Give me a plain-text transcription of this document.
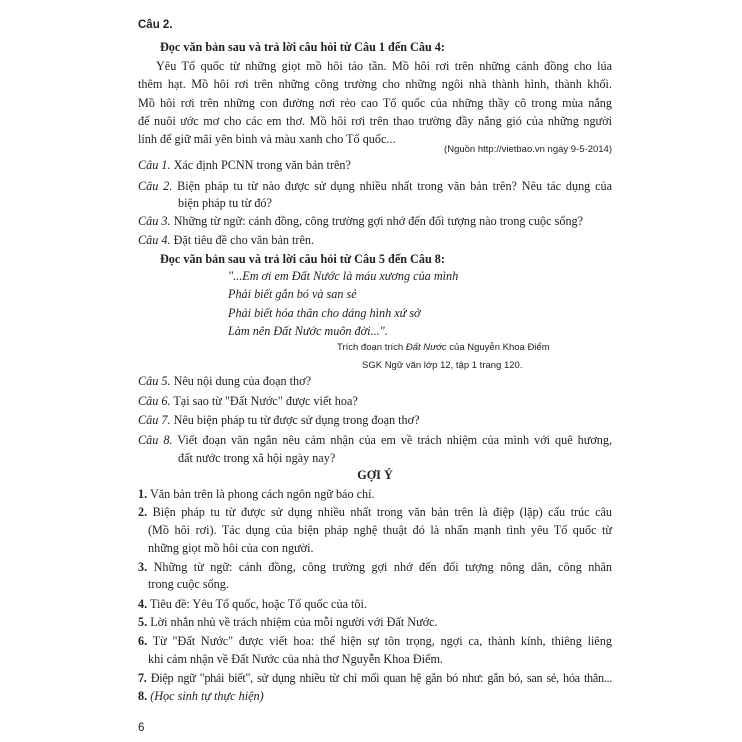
Câu 2.
Đọc văn bản sau và trả lời câu hỏi từ Câu 1 đến Câu 4:
Yêu Tổ quốc từ những giọt mồ hôi tảo tần. Mồ hôi rơi trên những cánh đồng cho lúa
thêm hạt. Mồ hôi rơi trên những công trường cho những ngôi nhà thành hình, thành khối.
Mồ hôi rơi trên những con đường nơi rẻo cao Tổ quốc của những thầy cô trong mùa nắng
để nuôi ước mơ cho các em thơ. Mồ hôi rơi trên thao trường đầy nắng gió của những người
lính để giữ mãi yên bình và màu xanh cho Tổ quốc...
(Nguồn http://vietbao.vn ngày 9-5-2014)
Câu 1. Xác định PCNN trong văn bản trên?
Câu 2. Biện pháp tu từ nào được sử dụng nhiều nhất trong văn bản trên? Nêu tác dụng của
biện pháp tu từ đó?
Câu 3. Những từ ngữ: cánh đồng, công trường gợi nhớ đến đối tượng nào trong cuộc sống?
Câu 4. Đặt tiêu đề cho văn bản trên.
Đọc văn bản sau và trả lời câu hỏi từ Câu 5 đến Câu 8:
"...Em ơi em Đất Nước là máu xương của mình
Phải biết gắn bó và san sẻ
Phải biết hóa thân cho dáng hình xứ sở
Làm nên Đất Nước muôn đời...".
Trích đoạn trích Đất Nước của Nguyễn Khoa Điểm
SGK Ngữ văn lớp 12, tập 1 trang 120.
Câu 5. Nêu nội dung của đoạn thơ?
Câu 6. Tại sao từ "Đất Nước" được viết hoa?
Câu 7. Nêu biện pháp tu từ được sử dụng trong đoạn thơ?
Câu 8. Viết đoạn văn ngắn nêu cảm nhận của em về trách nhiệm của mình với quê hương,
đất nước trong xã hội ngày nay?
GỢI Ý
1. Văn bản trên là phong cách ngôn ngữ báo chí.
2. Biện pháp tu từ được sử dụng nhiều nhất trong văn bản trên là điệp (lặp) cấu trúc câu
(Mồ hôi rơi). Tác dụng của biện pháp nghệ thuật đó là nhấn mạnh tình yêu Tổ quốc từ
những giọt mồ hôi của con người.
3. Những từ ngữ: cánh đồng, công trường gợi nhớ đến đối tượng nông dân, công nhân
trong cuộc sống.
4. Tiêu đề: Yêu Tổ quốc, hoặc Tổ quốc của tôi.
5. Lời nhắn nhủ về trách nhiệm của mỗi người với Đất Nước.
6. Từ "Đất Nước" được viết hoa: thể hiện sự tôn trọng, ngợi ca, thành kính, thiêng liêng
khi cảm nhận về Đất Nước của nhà thơ Nguyễn Khoa Điểm.
7. Điệp ngữ "phải biết", sử dụng nhiều từ chỉ mối quan hệ gắn bó như: gắn bó, san sẻ, hóa thân...
8. (Học sinh tự thực hiện)
6
